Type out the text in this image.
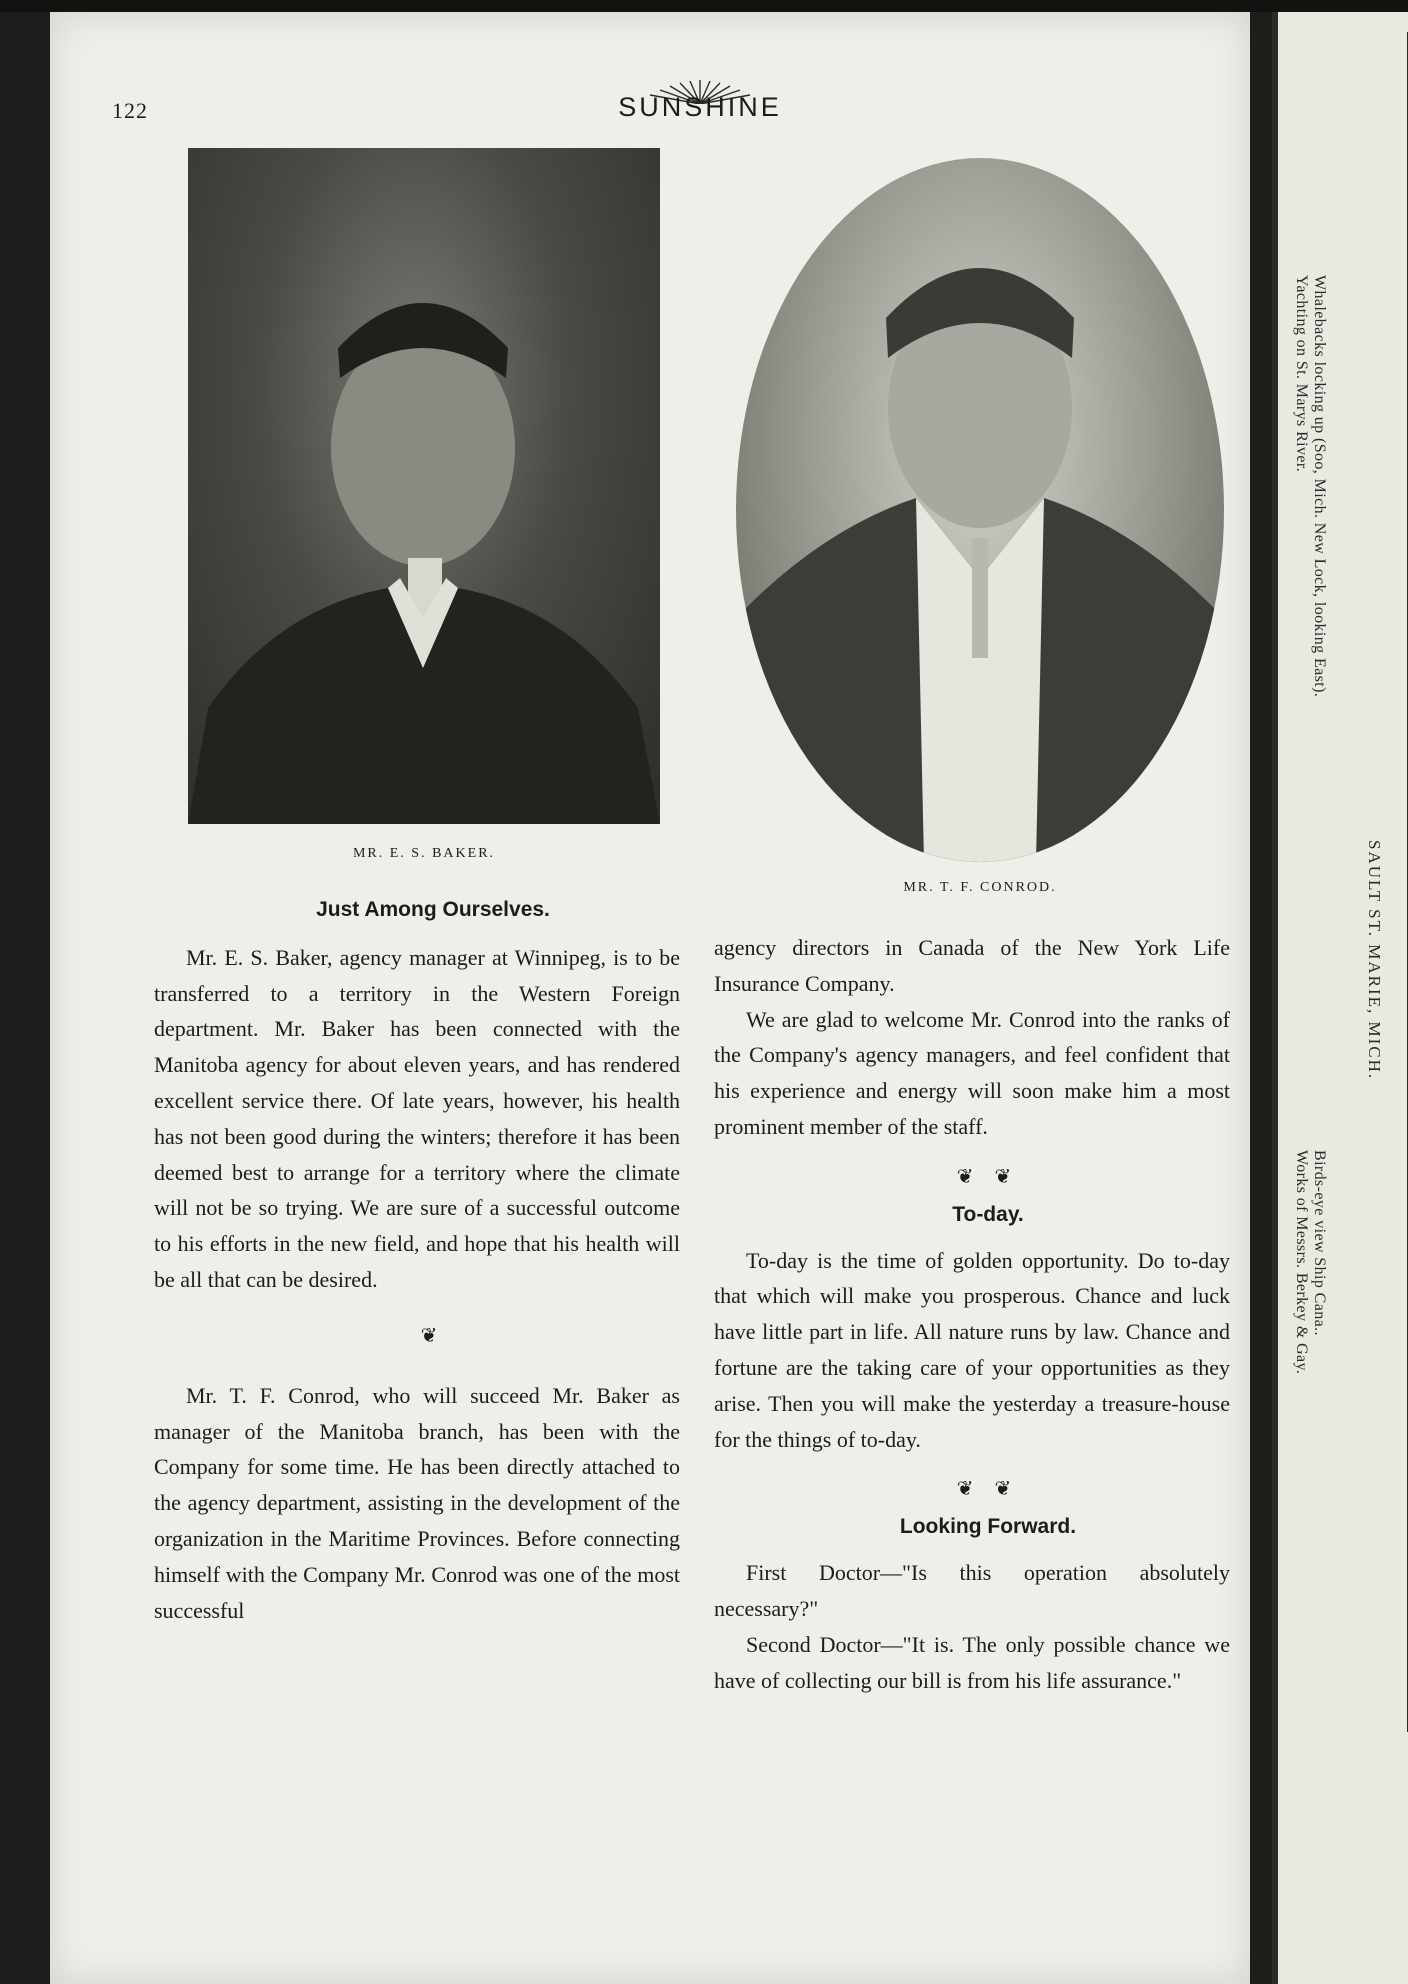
122	SUNSHINE
MR. E. S. BAKER.
MR. T. F. CONROD.

Just Among Ourselves.

Mr. E. S. Baker, agency manager at Winnipeg, is to be transferred to a territory in the Western Foreign department. Mr. Baker has been connected with the Manitoba agency for about eleven years, and has rendered excellent service there. Of late years, however, his health has not been good during the winters; therefore it has been deemed best to arrange for a territory where the climate will not be so trying. We are sure of a successful outcome to his efforts in the new field, and hope that his health will be all that can be desired.

❦

Mr. T. F. Conrod, who will succeed Mr. Baker as manager of the Manitoba branch, has been with the Company for some time. He has been directly attached to the agency department, assisting in the development of the organization in the Maritime Provinces. Before connecting himself with the Company Mr. Conrod was one of the most successful

agency directors in Canada of the New York Life Insurance Company.

We are glad to welcome Mr. Conrod into the ranks of the Company's agency managers, and feel confident that his experience and energy will soon make him a most prominent member of the staff.

❦ ❦

To-day.

To-day is the time of golden opportunity. Do to-day that which will make you prosperous. Chance and luck have little part in life. All nature runs by law. Chance and fortune are the taking care of your opportunities as they arise. Then you will make the yesterday a treasure-house for the things of to-day.

❦ ❦

Looking Forward.

First Doctor—"Is this operation absolutely necessary?"

Second Doctor—"It is. The only possible chance we have of collecting our bill is from his life assurance."

Whalebacks locking up (Soo, Mich. New Lock, looking East).
Yachting on St. Marys River.
SAULT ST. MARIE, MICH.
Birds-eye view Ship Cana..
Works of Messrs. Berkey & Gay.
